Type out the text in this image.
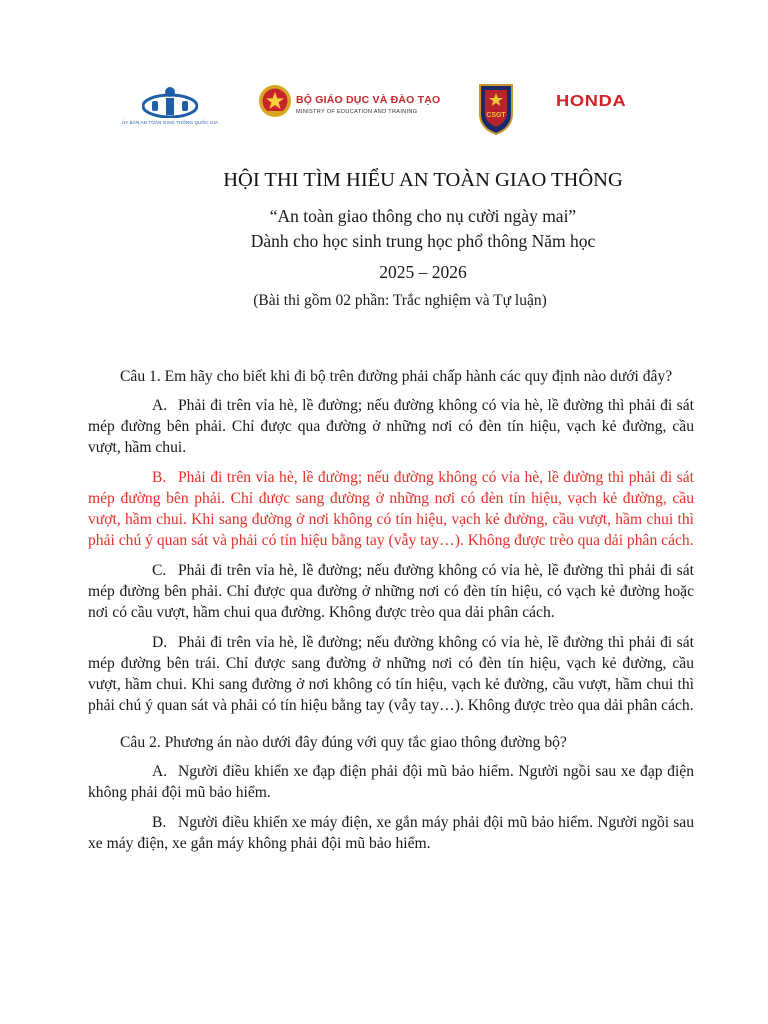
ỦY BAN AN TOÀN GIAO THÔNG QUỐC GIA
BỘ GIÁO DỤC VÀ ĐÀO TẠO
MINISTRY OF EDUCATION AND TRAINING	CSGT
HONDA
HỘI THI TÌM HIỂU AN TOÀN GIAO THÔNG
“An toàn giao thông cho nụ cười ngày mai”
Dành cho học sinh trung học phổ thông Năm học
2025 – 2026
(Bài thi gồm 02 phần: Trắc nghiệm và Tự luận)

Câu 1. Em hãy cho biết khi đi bộ trên đường phải chấp hành các quy định nào dưới đây?

A. Phải đi trên vỉa hè, lề đường; nếu đường không có vỉa hè, lề đường thì phải đi sát mép đường bên phải. Chỉ được qua đường ở những nơi có đèn tín hiệu, vạch kẻ đường, cầu vượt, hầm chui.

B. Phải đi trên vỉa hè, lề đường; nếu đường không có vỉa hè, lề đường thì phải đi sát mép đường bên phải. Chỉ được sang đường ở những nơi có đèn tín hiệu, vạch kẻ đường, cầu vượt, hầm chui. Khi sang đường ở nơi không có tín hiệu, vạch kẻ đường, cầu vượt, hầm chui thì phải chú ý quan sát và phải có tín hiệu bằng tay (vẫy tay…). Không được trèo qua dải phân cách.

C. Phải đi trên vỉa hè, lề đường; nếu đường không có vỉa hè, lề đường thì phải đi sát mép đường bên phải. Chỉ được qua đường ở những nơi có đèn tín hiệu, có vạch kẻ đường hoặc nơi có cầu vượt, hầm chui qua đường. Không được trèo qua dải phân cách.

D. Phải đi trên vỉa hè, lề đường; nếu đường không có vỉa hè, lề đường thì phải đi sát mép đường bên trái. Chỉ được sang đường ở những nơi có đèn tín hiệu, vạch kẻ đường, cầu vượt, hầm chui. Khi sang đường ở nơi không có tín hiệu, vạch kẻ đường, cầu vượt, hầm chui thì phải chú ý quan sát và phải có tín hiệu bằng tay (vẫy tay…). Không được trèo qua dải phân cách.

Câu 2. Phương án nào dưới đây đúng với quy tắc giao thông đường bộ?

A. Người điều khiển xe đạp điện phải đội mũ bảo hiểm. Người ngồi sau xe đạp điện không phải đội mũ bảo hiểm.

B. Người điều khiển xe máy điện, xe gắn máy phải đội mũ bảo hiểm. Người ngồi sau xe máy điện, xe gắn máy không phải đội mũ bảo hiểm.
